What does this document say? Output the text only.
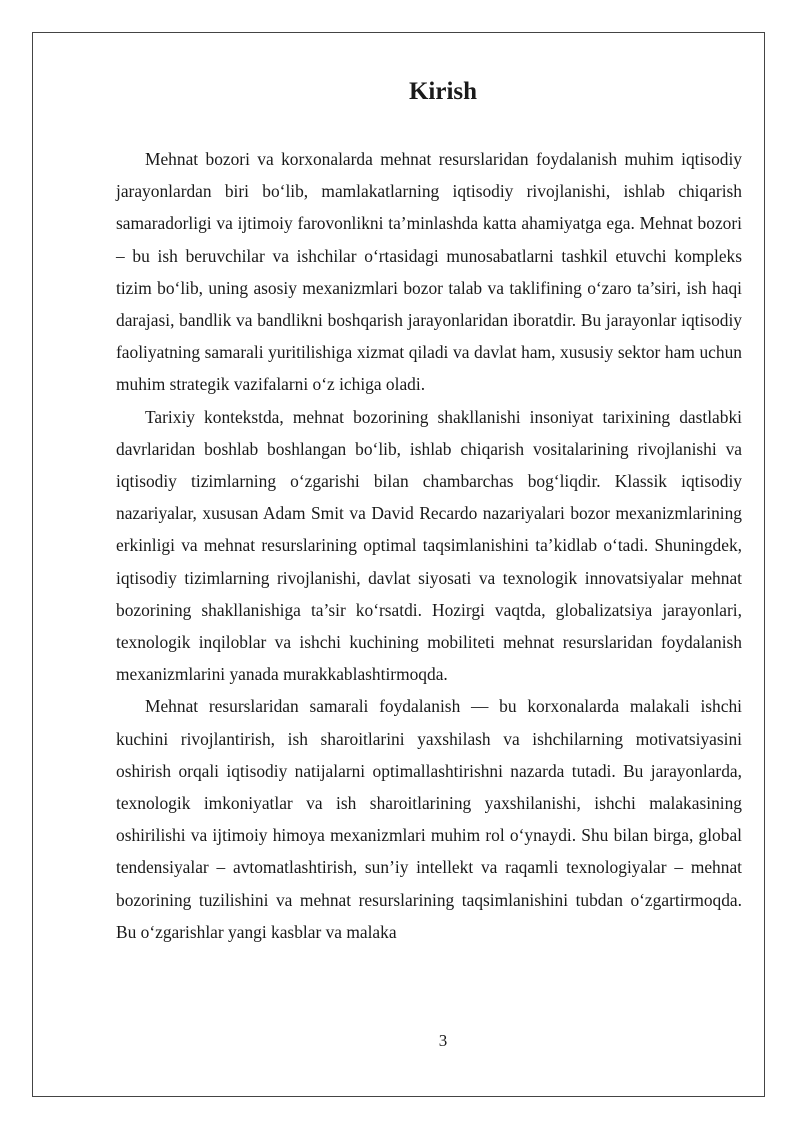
Kirish

Mehnat bozori va korxonalarda mehnat resurslaridan foydalanish muhim iqtisodiy jarayonlardan biri bo‘lib, mamlakatlarning iqtisodiy rivojlanishi, ishlab chiqarish samaradorligi va ijtimoiy farovonlikni ta’minlashda katta ahamiyatga ega. Mehnat bozori – bu ish beruvchilar va ishchilar o‘rtasidagi munosabatlarni tashkil etuvchi kompleks tizim bo‘lib, uning asosiy mexanizmlari bozor talab va taklifining o‘zaro ta’siri, ish haqi darajasi, bandlik va bandlikni boshqarish jarayonlaridan iboratdir. Bu jarayonlar iqtisodiy faoliyatning samarali yuritilishiga xizmat qiladi va davlat ham, xususiy sektor ham uchun muhim strategik vazifalarni o‘z ichiga oladi.

Tarixiy kontekstda, mehnat bozorining shakllanishi insoniyat tarixining dastlabki davrlaridan boshlab boshlangan bo‘lib, ishlab chiqarish vositalarining rivojlanishi va iqtisodiy tizimlarning o‘zgarishi bilan chambarchas bog‘liqdir. Klassik iqtisodiy nazariyalar, xususan Adam Smit va David Recardo nazariyalari bozor mexanizmlarining erkinligi va mehnat resurslarining optimal taqsimlanishini ta’kidlab o‘tadi. Shuningdek, iqtisodiy tizimlarning rivojlanishi, davlat siyosati va texnologik innovatsiyalar mehnat bozorining shakllanishiga ta’sir ko‘rsatdi. Hozirgi vaqtda, globalizatsiya jarayonlari, texnologik inqiloblar va ishchi kuchining mobiliteti mehnat resurslaridan foydalanish mexanizmlarini yanada murakkablashtirmoqda.

Mehnat resurslaridan samarali foydalanish — bu korxonalarda malakali ishchi kuchini rivojlantirish, ish sharoitlarini yaxshilash va ishchilarning motivatsiyasini oshirish orqali iqtisodiy natijalarni optimallashtirishni nazarda tutadi. Bu jarayonlarda, texnologik imkoniyatlar va ish sharoitlarining yaxshilanishi, ishchi malakasining oshirilishi va ijtimoiy himoya mexanizmlari muhim rol o‘ynaydi. Shu bilan birga, global tendensiyalar – avtomatlashtirish, sun’iy intellekt va raqamli texnologiyalar – mehnat bozorining tuzilishini va mehnat resurslarining taqsimlanishini tubdan o‘zgartirmoqda. Bu o‘zgarishlar yangi kasblar va malaka

3
